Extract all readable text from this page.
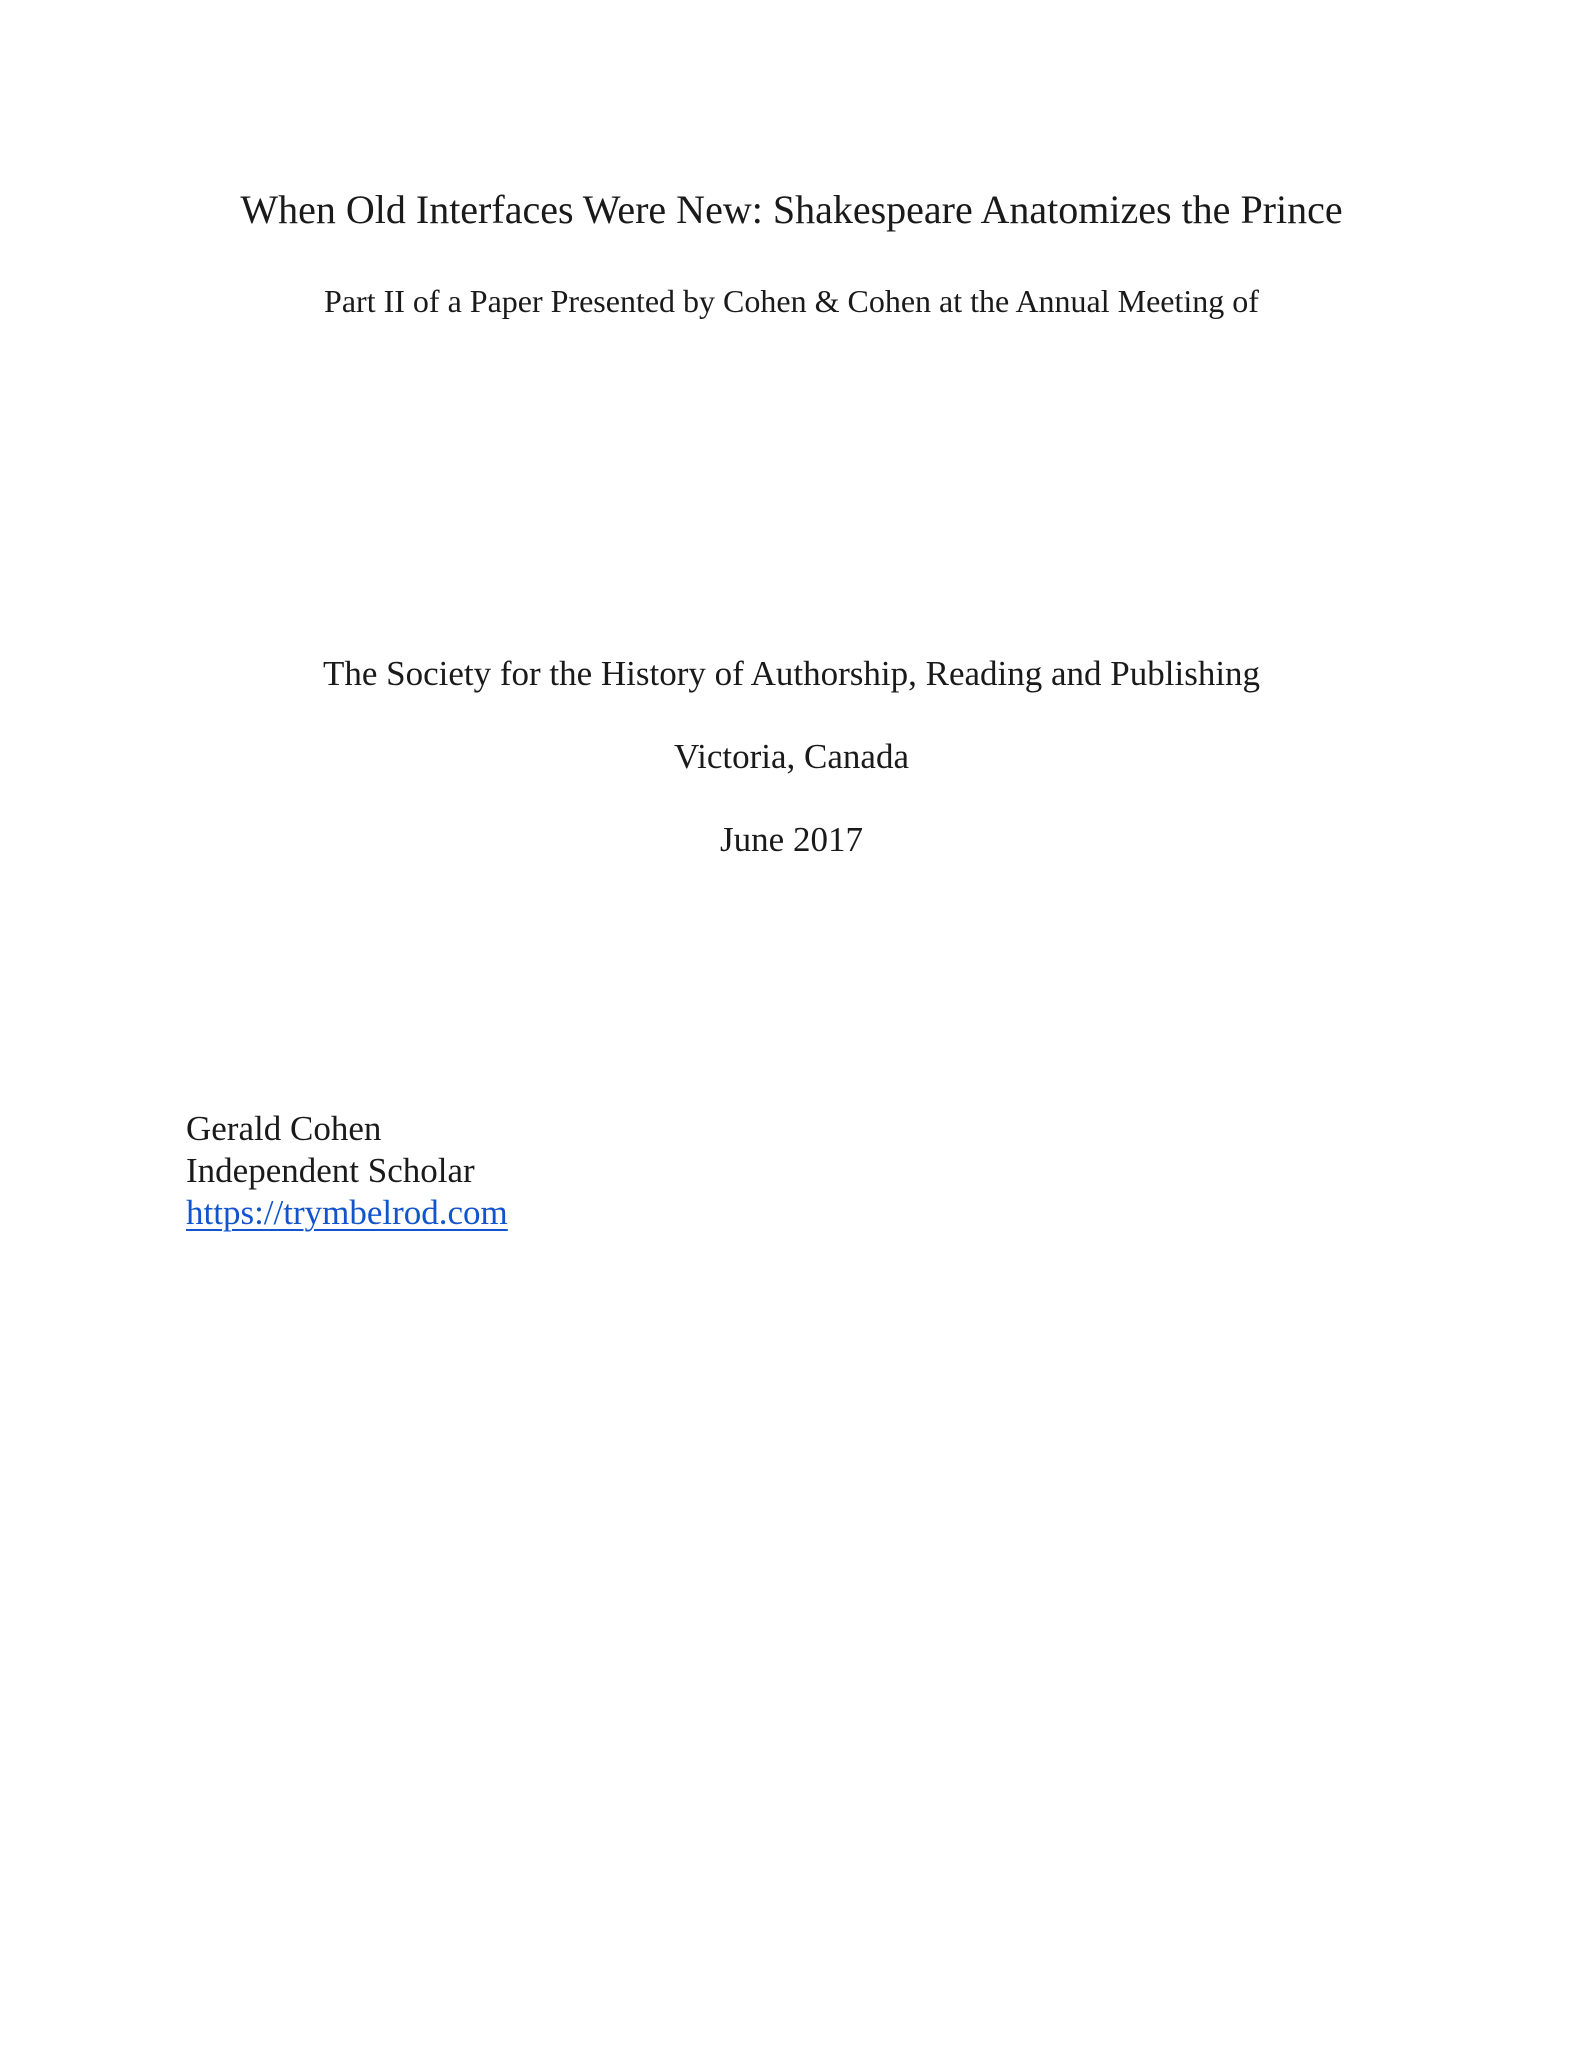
When Old Interfaces Were New: Shakespeare Anatomizes the Prince

Part II of a Paper Presented by Cohen & Cohen at the Annual Meeting of

The Society for the History of Authorship, Reading and Publishing

Victoria, Canada

June 2017

Gerald Cohen
Independent Scholar
https://trymbelrod.com
